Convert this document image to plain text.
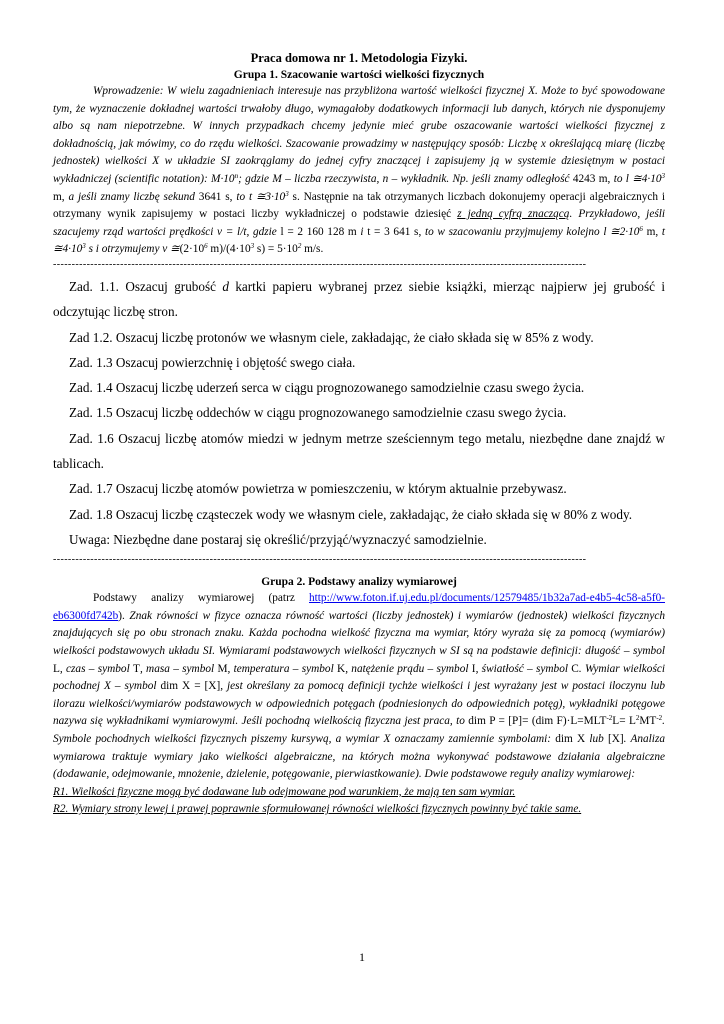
Praca domowa nr 1. Metodologia Fizyki.
Grupa 1. Szacowanie wartości wielkości fizycznych

Wprowadzenie: W wielu zagadnieniach interesuje nas przybliżona wartość wielkości fizycznej X. Może to być spowodowane tym, że wyznaczenie dokładnej wartości trwałoby długo, wymagałoby dodatkowych informacji lub danych, których nie dysponujemy albo są nam niepotrzebne. W innych przypadkach chcemy jedynie mieć grube oszacowanie wartości wielkości fizycznej z dokładnością, jak mówimy, co do rzędu wielkości. Szacowanie prowadzimy w następujący sposób: Liczbę x określającą miarę (liczbę jednostek) wielkości X w układzie SI zaokrąglamy do jednej cyfry znaczącej i zapisujemy ją w systemie dziesiętnym w postaci wykładniczej (scientific notation): $M\cdot 10^n$; gdzie M – liczba rzeczywista, n – wykładnik. Np. jeśli znamy odległość 4243 m, to l $≅4\cdot 10^3$ m, a jeśli znamy liczbę sekund 3641 s, to t $≅3\cdot 10^3$ s. Następnie na tak otrzymanych liczbach dokonujemy operacji algebraicznych i otrzymany wynik zapisujemy w postaci liczby wykładniczej o podstawie dziesięć z jedną cyfrą znaczącą. Przykładowo, jeśli szacujemy rząd wartości prędkości v = l/t, gdzie l = 2 160 128 m i t = 3 641 s, to w szacowaniu przyjmujemy kolejno l $≅2\cdot 10^6$ m, t $≅4\cdot 10^3$ s i otrzymujemy v $≅(2\cdot 10^6$ $m)/(4\cdot 10^3$ $s) = 5\cdot 10^2$ m/s.

-----------------------------------------------------------------------------------------------------------------------------------------------

Zad. 1.1. Oszacuj grubość d kartki papieru wybranej przez siebie książki, mierząc najpierw jej grubość i odczytując liczbę stron.

Zad 1.2. Oszacuj liczbę protonów we własnym ciele, zakładając, że ciało składa się w 85% z wody.

Zad. 1.3 Oszacuj powierzchnię i objętość swego ciała.

Zad. 1.4 Oszacuj liczbę uderzeń serca w ciągu prognozowanego samodzielnie czasu swego życia.

Zad. 1.5 Oszacuj liczbę oddechów w ciągu prognozowanego samodzielnie czasu swego życia.

Zad. 1.6 Oszacuj liczbę atomów miedzi w jednym metrze sześciennym tego metalu, niezbędne dane znajdź w tablicach.

Zad. 1.7 Oszacuj liczbę atomów powietrza w pomieszczeniu, w którym aktualnie przebywasz.

Zad. 1.8 Oszacuj liczbę cząsteczek wody we własnym ciele, zakładając, że ciało składa się w 80% z wody.

Uwaga: Niezbędne dane postaraj się określić/przyjąć/wyznaczyć samodzielnie.

-----------------------------------------------------------------------------------------------------------------------------------------------
Grupa 2. Podstawy analizy wymiarowej

Podstawy analizy wymiarowej (patrz http://www.foton.if.uj.edu.pl/documents/12579485/1b32a7ad-e4b5-4c58-a5f0-eb6300fd742b). Znak równości w fizyce oznacza równość wartości (liczby jednostek) i wymiarów (jednostek) wielkości fizycznych znajdujących się po obu stronach znaku. Każda pochodna wielkość fizyczna ma wymiar, który wyraża się za pomocą (wymiarów) wielkości podstawowych układu SI. Wymiarami podstawowych wielkości fizycznych w SI są na podstawie definicji: długość – symbol L, czas – symbol T, masa – symbol M, temperatura – symbol K, natężenie prądu – symbol I, światłość – symbol C. Wymiar wielkości pochodnej X – symbol dim X = [X], jest określany za pomocą definicji tychże wielkości i jest wyrażany jest w postaci iloczynu lub ilorazu wielkości/wymiarów podstawowych w odpowiednich potęgach (podniesionych do odpowiednich potęg), wykładniki potęgowe nazywa się wykładnikami wymiarowymi. Jeśli pochodną wielkością fizyczna jest praca, to dim P = [P]= (dim $F)\cdot L=MLT^{-2}L= L^2MT^{-2}$. Symbole pochodnych wielkości fizycznych piszemy kursywą, a wymiar X oznaczamy zamiennie symbolami: dim X lub [X]. Analiza wymiarowa traktuje wymiary jako wielkości algebraiczne, na których można wykonywać podstawowe działania algebraiczne (dodawanie, odejmowanie, mnożenie, dzielenie, potęgowanie, pierwiastkowanie). Dwie podstawowe reguły analizy wymiarowej:

R1. Wielkości fizyczne mogą być dodawane lub odejmowane pod warunkiem, że mają ten sam wymiar.

R2. Wymiary strony lewej i prawej poprawnie sformułowanej równości wielkości fizycznych powinny być takie same.

1
